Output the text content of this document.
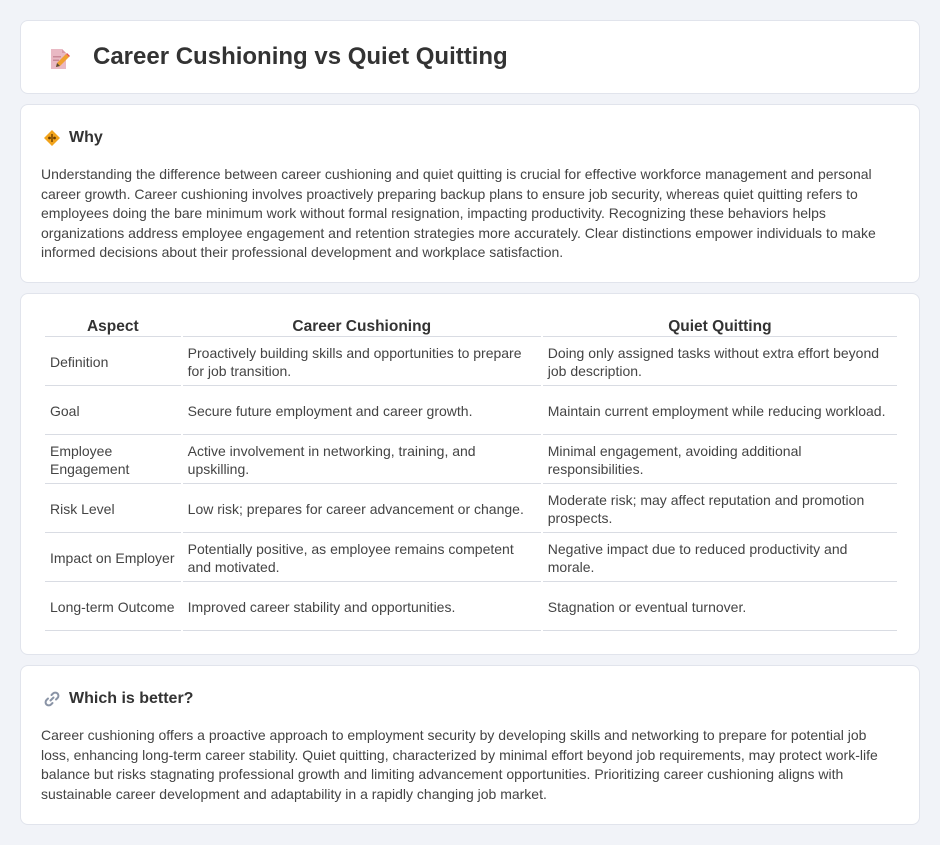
Career Cushioning vs Quiet Quitting
Why

Understanding the difference between career cushioning and quiet quitting is crucial for effective workforce management and personal career growth. Career cushioning involves proactively preparing backup plans to ensure job security, whereas quiet quitting refers to employees doing the bare minimum work without formal resignation, impacting productivity. Recognizing these behaviors helps organizations address employee engagement and retention strategies more accurately. Clear distinctions empower individuals to make informed decisions about their professional development and workplace satisfaction.

Aspect	Career Cushioning	Quiet Quitting
Definition	Proactively building skills and opportunities to prepare for job transition.	Doing only assigned tasks without extra effort beyond job description.
Goal	Secure future employment and career growth.	Maintain current employment while reducing workload.
Employee Engagement	Active involvement in networking, training, and upskilling.	Minimal engagement, avoiding additional responsibilities.
Risk Level	Low risk; prepares for career advancement or change.	Moderate risk; may affect reputation and promotion prospects.
Impact on Employer	Potentially positive, as employee remains competent and motivated.	Negative impact due to reduced productivity and morale.
Long-term Outcome	Improved career stability and opportunities.	Stagnation or eventual turnover.
Which is better?

Career cushioning offers a proactive approach to employment security by developing skills and networking to prepare for potential job loss, enhancing long-term career stability. Quiet quitting, characterized by minimal effort beyond job requirements, may protect work-life balance but risks stagnating professional growth and limiting advancement opportunities. Prioritizing career cushioning aligns with sustainable career development and adaptability in a rapidly changing job market.
